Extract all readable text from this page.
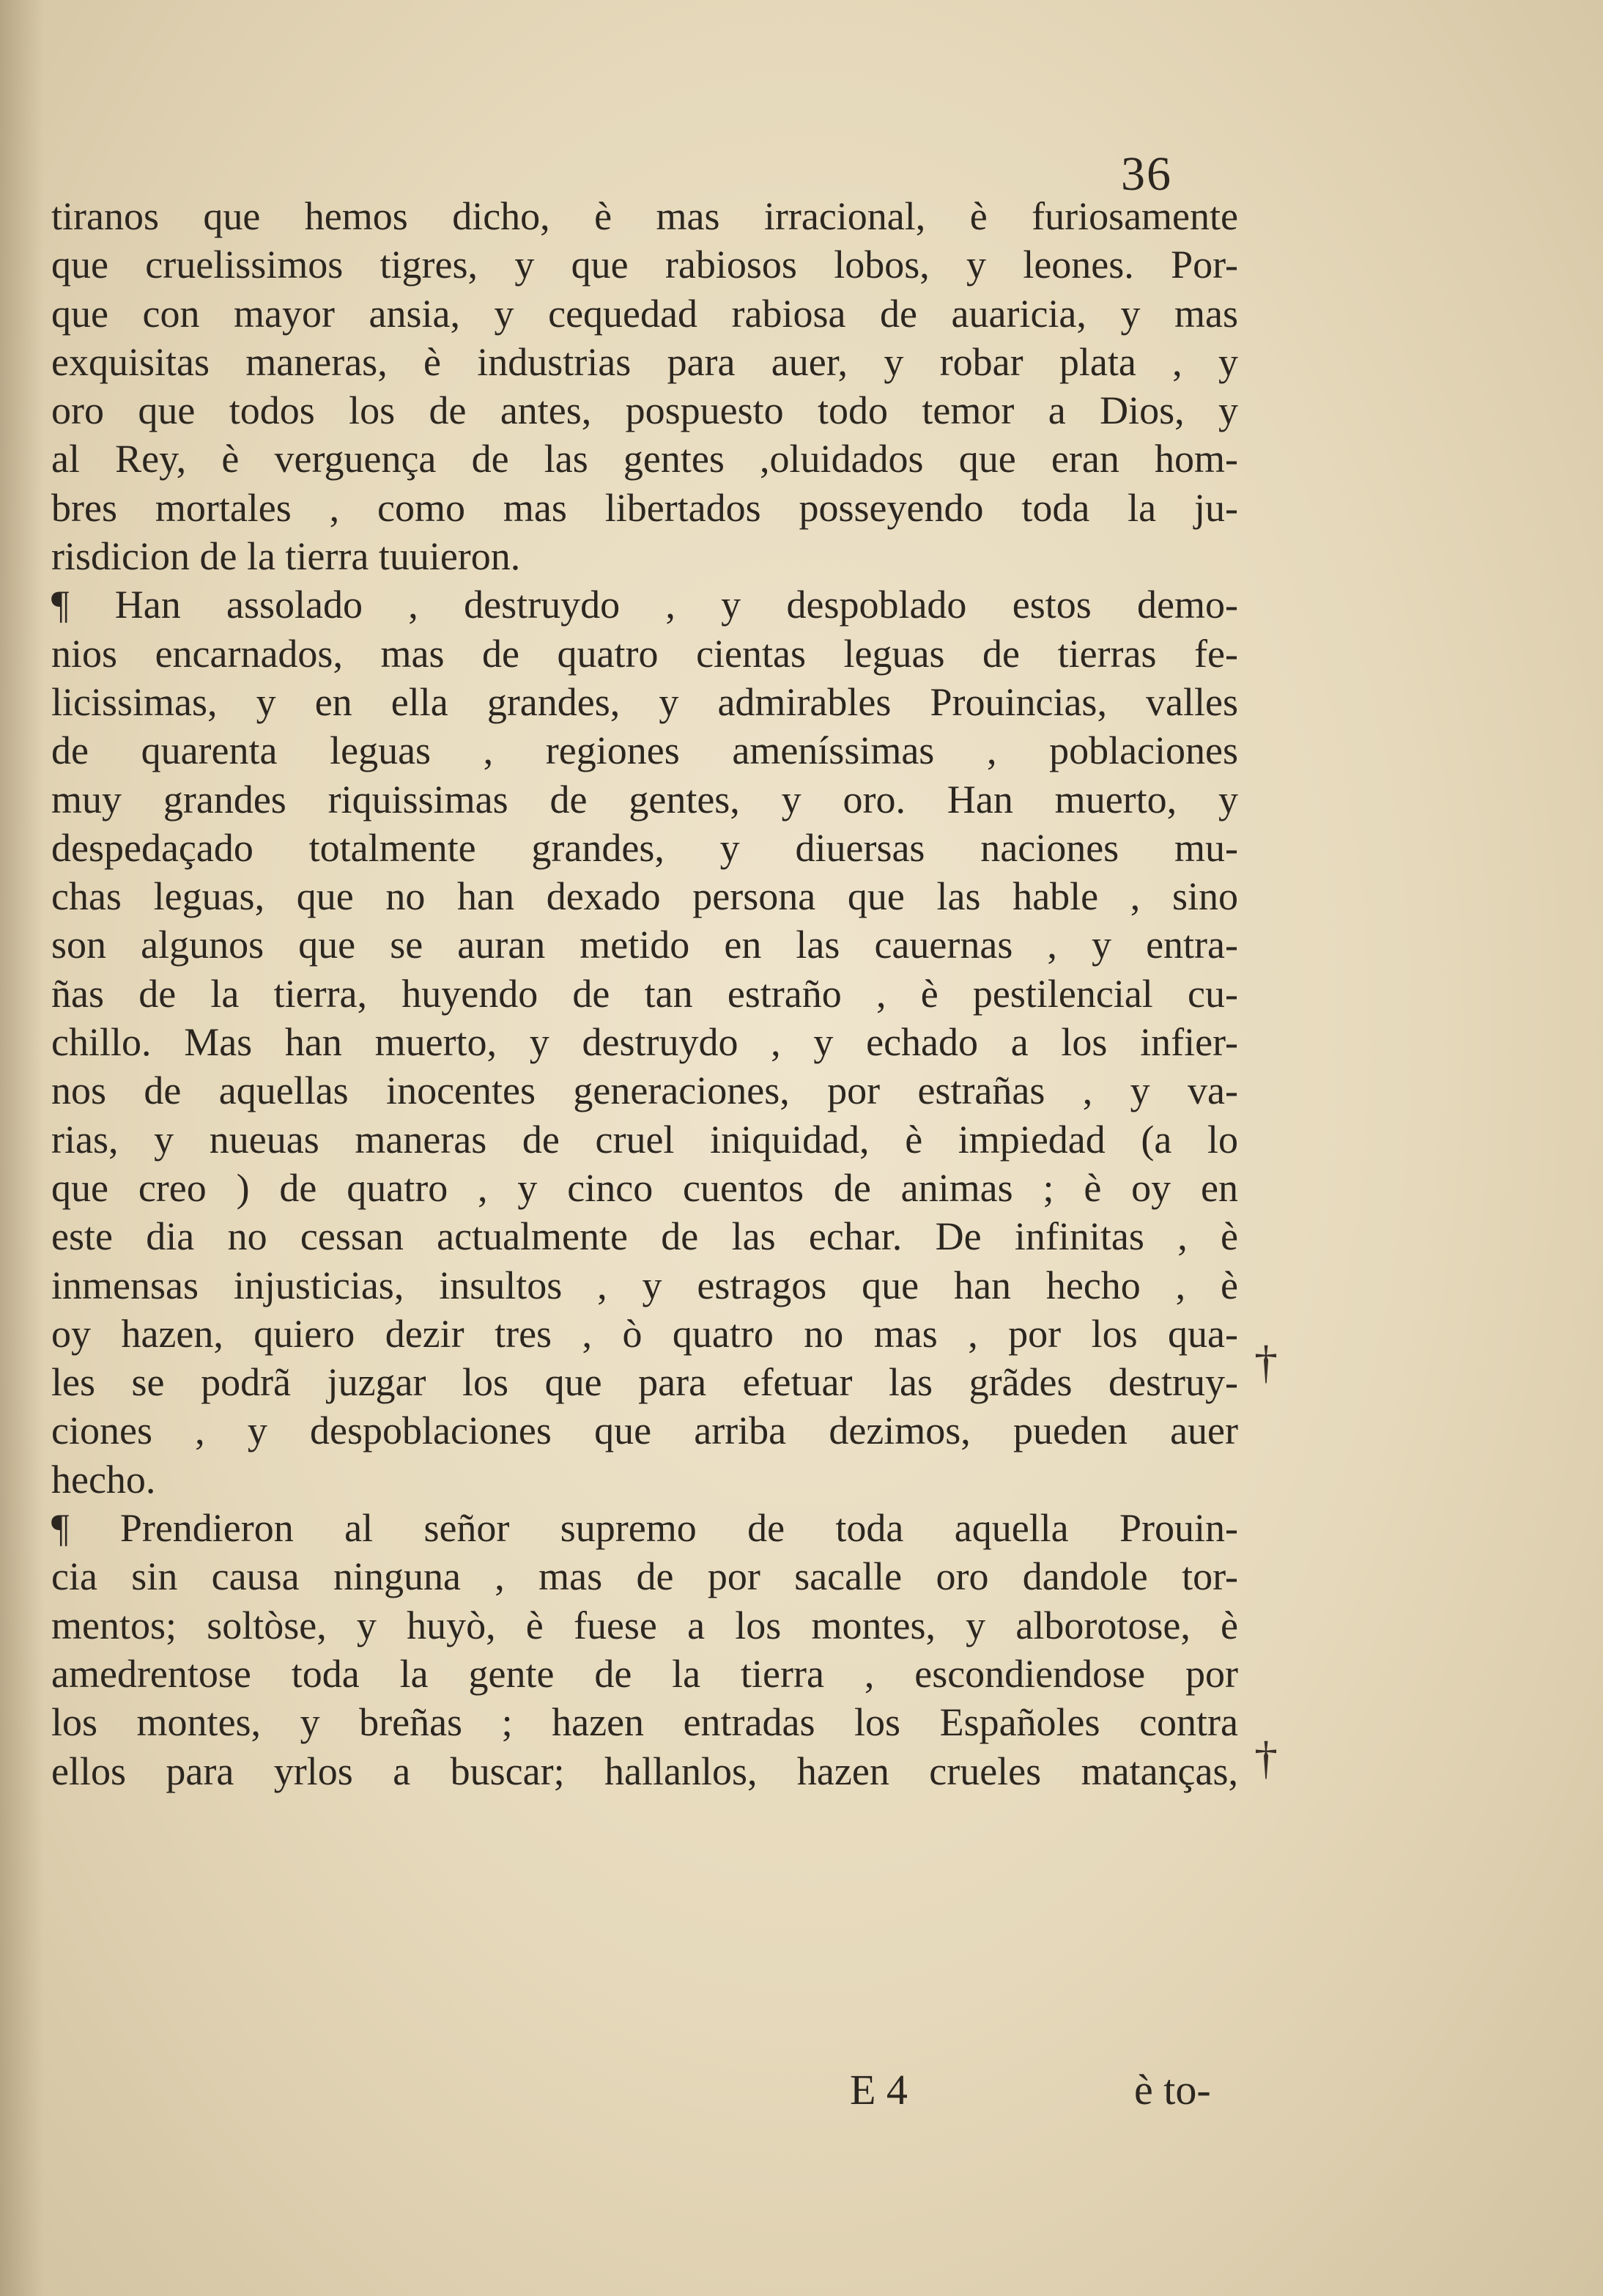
36
tiranos que hemos dicho, è mas irracional, è furiosamente
que cruelissimos tigres, y que rabiosos lobos, y leones. Por-
que con mayor ansia, y cequedad rabiosa de auaricia, y mas
exquisitas maneras, è industrias para auer, y robar plata , y
oro que todos los de antes, pospuesto todo temor a Dios, y
al Rey, è verguença de las gentes ,oluidados que eran hom-
bres mortales , como mas libertados posseyendo toda la ju-
risdicion de la tierra tuuieron.
¶ Han assolado , destruydo , y despoblado estos demo-
nios encarnados, mas de quatro cientas leguas de tierras fe-
licissimas, y en ella grandes, y admirables Prouincias, valles
de quarenta leguas , regiones ameníssimas , poblaciones
muy grandes riquissimas de gentes, y oro. Han muerto, y
despedaçado totalmente grandes, y diuersas naciones mu-
chas leguas, que no han dexado persona que las hable , sino
son algunos que se auran metido en las cauernas , y entra-
ñas de la tierra, huyendo de tan estraño , è pestilencial cu-
chillo. Mas han muerto, y destruydo , y echado a los infier-
nos de aquellas inocentes generaciones, por estrañas , y va-
rias, y nueuas maneras de cruel iniquidad, è impiedad (a lo
que creo ) de quatro , y cinco cuentos de animas ; è oy en
este dia no cessan actualmente de las echar. De infinitas , è
inmensas injusticias, insultos , y estragos que han hecho , è
oy hazen, quiero dezir tres , ò quatro no mas , por los qua-
les se podrã juzgar los que para efetuar las grãdes destruy-
ciones , y despoblaciones que arriba dezimos, pueden auer
hecho.
¶ Prendieron al señor supremo de toda aquella Prouin-
cia sin causa ninguna , mas de por sacalle oro dandole tor-
mentos; soltòse, y huyò, è fuese a los montes, y alborotose, è
amedrentose toda la gente de la tierra , escondiendose por
los montes, y breñas ; hazen entradas los Españoles contra
ellos para yrlos a buscar; hallanlos, hazen crueles matanças,
†
†
E 4	è to-
